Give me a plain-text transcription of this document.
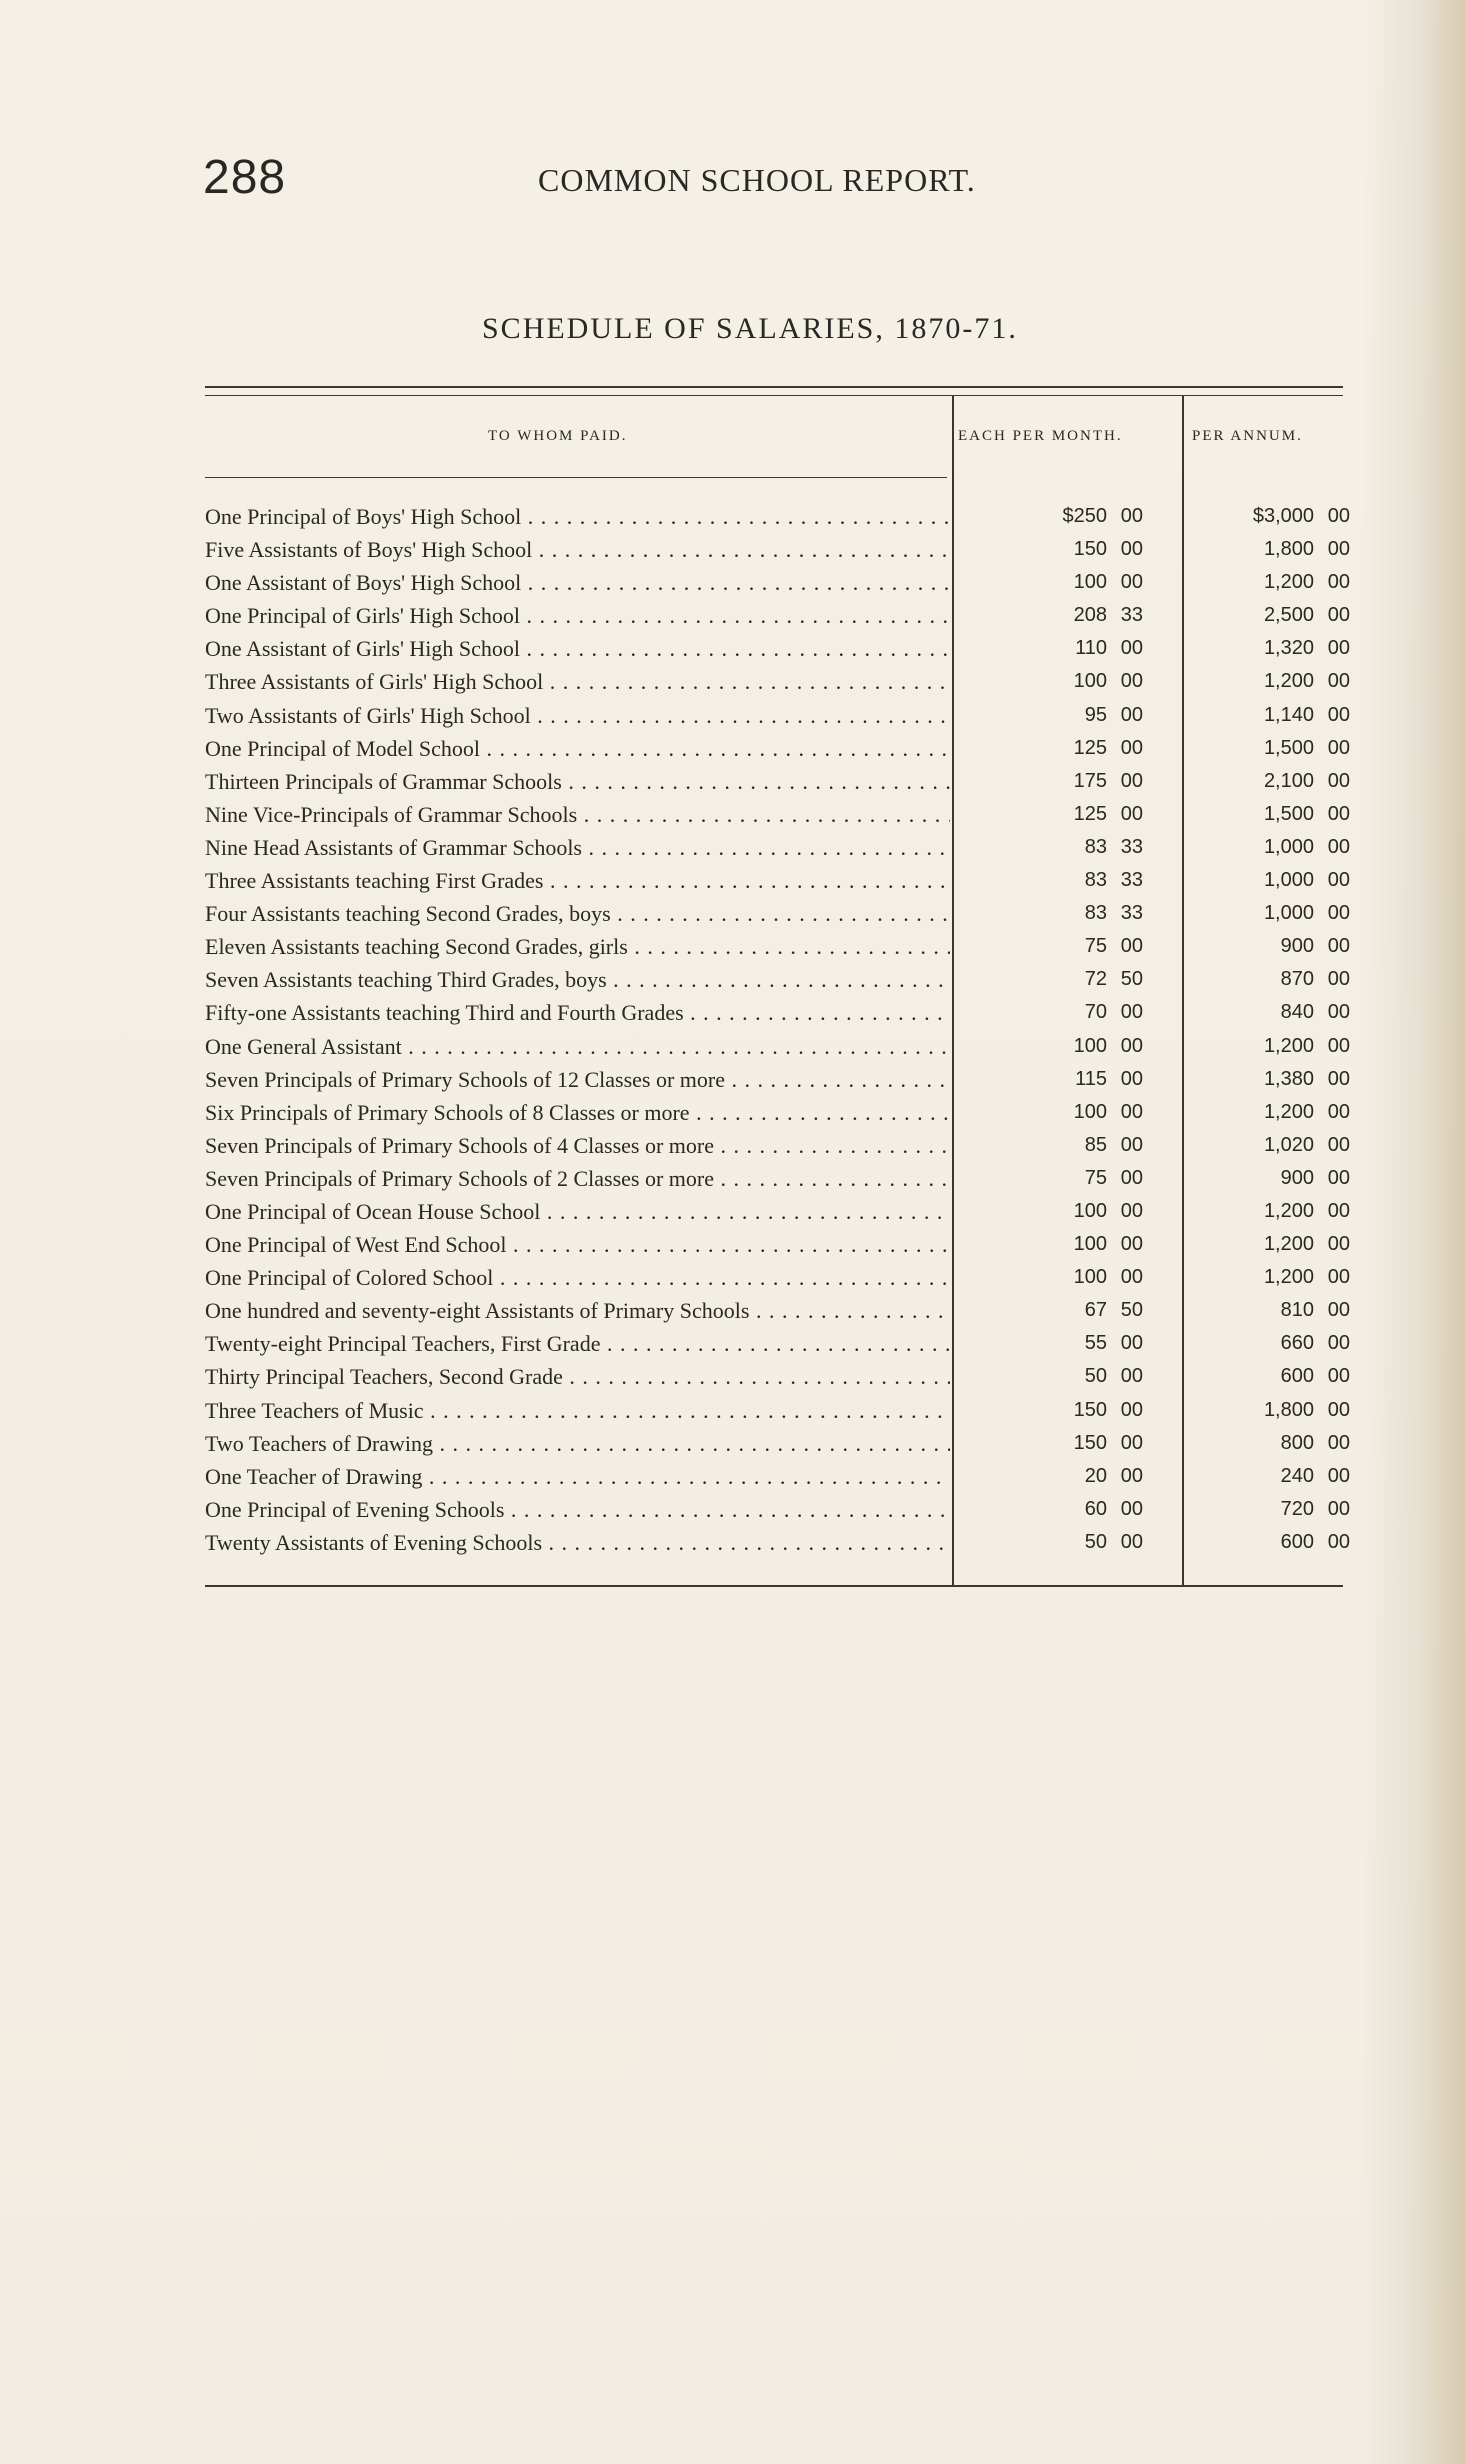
288	COMMON SCHOOL REPORT.
SCHEDULE OF SALARIES, 1870-71.
TO WHOM PAID.	EACH PER MONTH.	PER ANNUM.
One Principal of Boys' High School . . .	$250 00	$3,000 00
Five Assistants of Boys' High School . . .	150 00	1,800 00
One Assistant of Boys' High School . . .	100 00	1,200 00
One Principal of Girls' High School . . .	208 33	2,500 00
One Assistant of Girls' High School . . .	110 00	1,320 00
Three Assistants of Girls' High School . . .	100 00	1,200 00
Two Assistants of Girls' High School . . .	95 00	1,140 00
One Principal of Model School . . .	125 00	1,500 00
Thirteen Principals of Grammar Schools . . .	175 00	2,100 00
Nine Vice-Principals of Grammar Schools . . .	125 00	1,500 00
Nine Head Assistants of Grammar Schools . . .	83 33	1,000 00
Three Assistants teaching First Grades . . .	83 33	1,000 00
Four Assistants teaching Second Grades, boys . . .	83 33	1,000 00
Eleven Assistants teaching Second Grades, girls . . .	75 00	900 00
Seven Assistants teaching Third Grades, boys . . .	72 50	870 00
Fifty-one Assistants teaching Third and Fourth Grades . . .	70 00	840 00
One General Assistant . . .	100 00	1,200 00
Seven Principals of Primary Schools of 12 Classes or more . . .	115 00	1,380 00
Six Principals of Primary Schools of 8 Classes or more . . .	100 00	1,200 00
Seven Principals of Primary Schools of 4 Classes or more . . .	85 00	1,020 00
Seven Principals of Primary Schools of 2 Classes or more . . .	75 00	900 00
One Principal of Ocean House School . . .	100 00	1,200 00
One Principal of West End School . . .	100 00	1,200 00
One Principal of Colored School . . .	100 00	1,200 00
One hundred and seventy-eight Assistants of Primary Schools . . .	67 50	810 00
Twenty-eight Principal Teachers, First Grade . . .	55 00	660 00
Thirty Principal Teachers, Second Grade . . .	50 00	600 00
Three Teachers of Music . . .	150 00	1,800 00
Two Teachers of Drawing . . .	150 00	800 00
One Teacher of Drawing . . .	20 00	240 00
One Principal of Evening Schools . . .	60 00	720 00
Twenty Assistants of Evening Schools . . .	50 00	600 00
